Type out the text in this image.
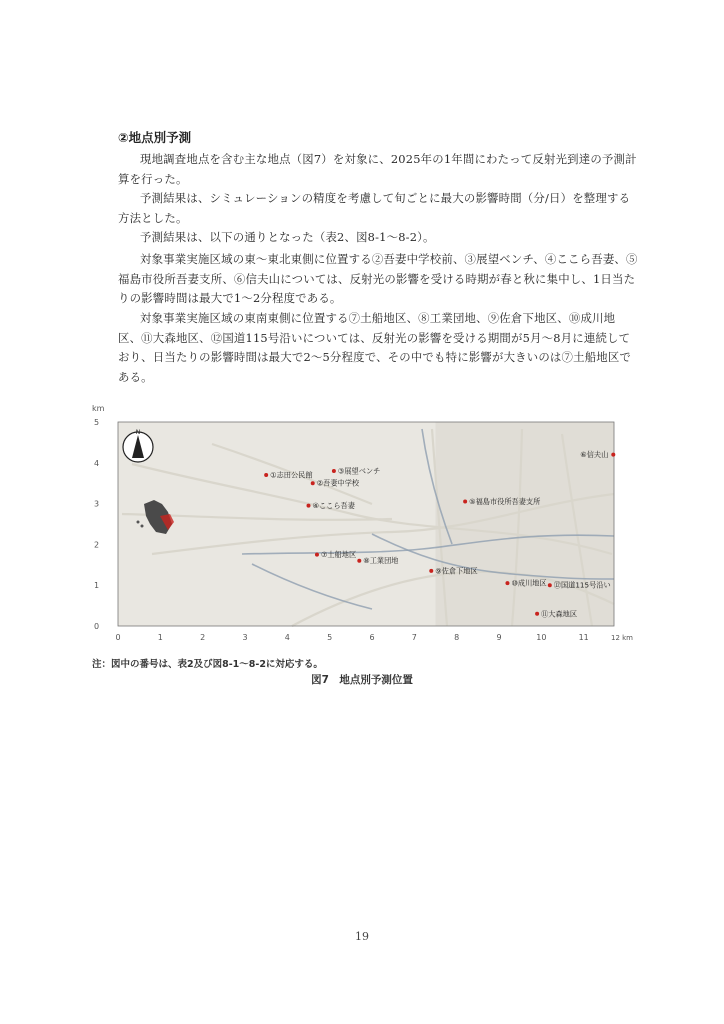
②地点別予測

現地調査地点を含む主な地点（図7）を対象に、2025年の1年間にわたって反射光到達の予測計算を行った。

予測結果は、シミュレーションの精度を考慮して旬ごとに最大の影響時間（分/日）を整理する方法とした。

予測結果は、以下の通りとなった（表2、図8-1～8-2）。

対象事業実施区域の東～東北東側に位置する②吾妻中学校前、③展望ベンチ、④ここら吾妻、⑤福島市役所吾妻支所、⑥信夫山については、反射光の影響を受ける時期が春と秋に集中し、1日当たりの影響時間は最大で1～2分程度である。

対象事業実施区域の東南東側に位置する⑦土船地区、⑧工業団地、⑨佐倉下地区、⑩成川地区、⑪大森地区、⑫国道115号沿いについては、反射光の影響を受ける期間が5月～8月に連続しており、日当たりの影響時間は最大で2～5分程度で、その中でも特に影響が大きいのは⑦土船地区である。

km
N
5
4
3
2
1
0
0	1	2	3	4	5	6	7	8	9	10	11	12 km
①志田公民館
②吾妻中学校
③展望ベンチ
④ここら吾妻	⑤福島市役所吾妻支所
⑥信夫山
⑦土船地区
⑧工業団地
⑨佐倉下地区
⑩成川地区
⑪大森地区
⑫国道115号沿い
注：図中の番号は、表2及び図8-1～8-2に対応する。
図7　地点別予測位置
19
